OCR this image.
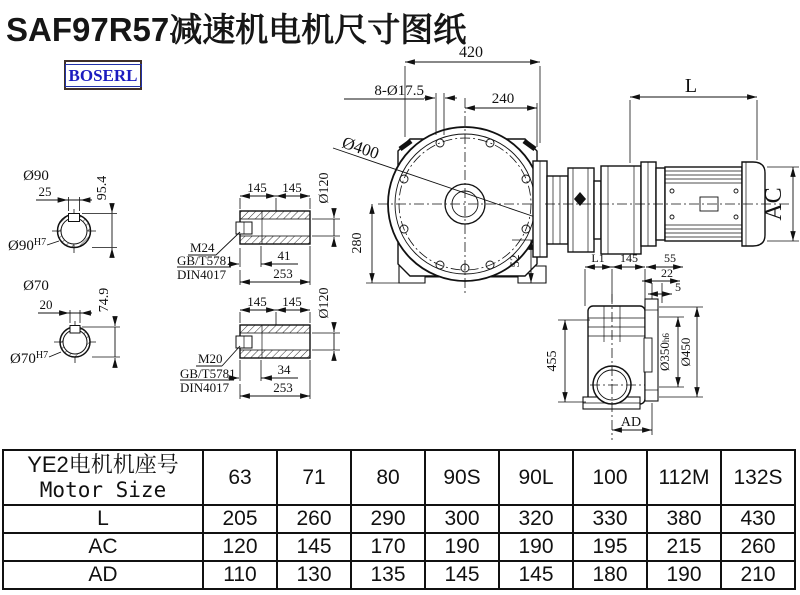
SAF97R57减速机电机尺寸图纸
BOSERL
Ø400
420
8-Ø17.5	240
L
280
52
AC
Ø90
25	95.4
$Ø90^{H7}$
Ø70
20	74.9
$Ø70^{H7}$
145 145 Ø120
M24
GB/T5781
DIN4017
41
253
145 145 Ø120
M20
GB/T5781
DIN4017
34
253
L1 145 55
22
5
455	Ø350h6 Ø450
AD
YE2电机机座号
Motor Size	63	71	80	90S	90L	100	112M	132S
L	205	260	290	300	320	330	380	430
AC	120	145	170	190	190	195	215	260
AD	110	130	135	145	145	180	190	210
